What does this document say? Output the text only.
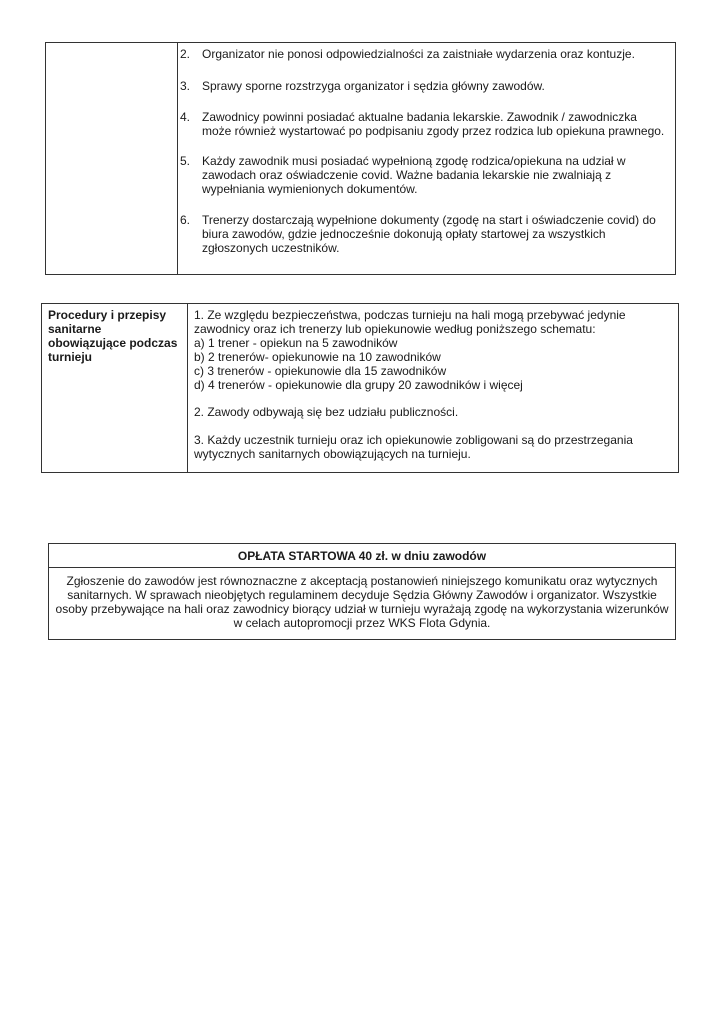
2. Organizator nie ponosi odpowiedzialności za zaistniałe wydarzenia oraz kontuzje.
3. Sprawy sporne rozstrzyga organizator i sędzia główny zawodów.
4. Zawodnicy powinni posiadać aktualne badania lekarskie. Zawodnik / zawodniczka
może również wystartować po podpisaniu zgody przez rodzica lub opiekuna prawnego.
5. Każdy zawodnik musi posiadać wypełnioną zgodę rodzica/opiekuna na udział w
zawodach oraz oświadczenie covid. Ważne badania lekarskie nie zwalniają z
wypełniania wymienionych dokumentów.
6. Trenerzy dostarczają wypełnione dokumenty (zgodę na start i oświadczenie covid) do
biura zawodów, gdzie jednocześnie dokonują opłaty startowej za wszystkich
zgłoszonych uczestników.
Procedury i przepisy
sanitarne
obowiązujące podczas
turnieju
1. Ze względu bezpieczeństwa, podczas turnieju na hali mogą przebywać jedynie
zawodnicy oraz ich trenerzy lub opiekunowie według poniższego schematu:
a) 1 trener - opiekun na 5 zawodników
b) 2 trenerów- opiekunowie na 10 zawodników
c) 3 trenerów - opiekunowie dla 15 zawodników
d) 4 trenerów - opiekunowie dla grupy 20 zawodników i więcej
2. Zawody odbywają się bez udziału publiczności.
3. Każdy uczestnik turnieju oraz ich opiekunowie zobligowani są do przestrzegania
wytycznych sanitarnych obowiązujących na turnieju.
OPŁATA STARTOWA 40 zł. w dniu zawodów
Zgłoszenie do zawodów jest równoznaczne z akceptacją postanowień niniejszego komunikatu oraz wytycznych
sanitarnych. W sprawach nieobjętych regulaminem decyduje Sędzia Główny Zawodów i organizator. Wszystkie
osoby przebywające na hali oraz zawodnicy biorący udział w turnieju wyrażają zgodę na wykorzystania wizerunków
w celach autopromocji przez WKS Flota Gdynia.
